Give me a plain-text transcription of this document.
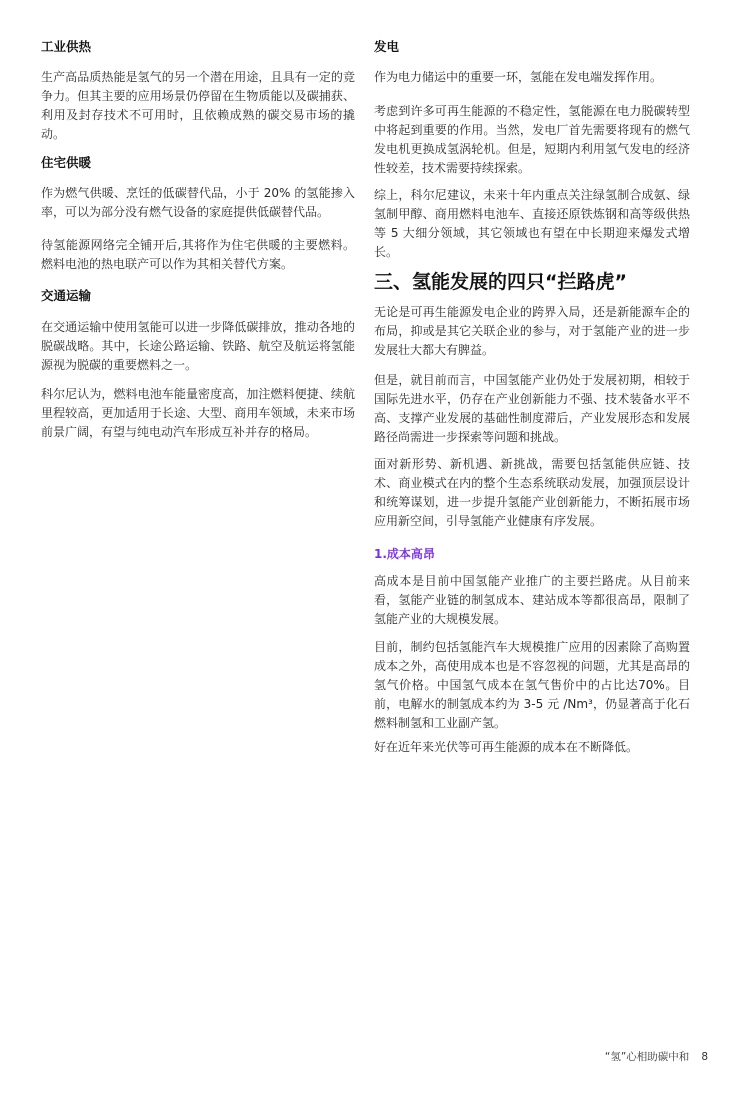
工业供热

生产高品质热能是氢气的另一个潜在用途，且具有一定的竞争力。但其主要的应用场景仍停留在生物质能以及碳捕获、利用及封存技术不可用时，且依赖成熟的碳交易市场的撬动。

住宅供暖

作为燃气供暖、烹饪的低碳替代品，小于 20% 的氢能掺入率，可以为部分没有燃气设备的家庭提供低碳替代品。

待氢能源网络完全铺开后,其将作为住宅供暖的主要燃料。燃料电池的热电联产可以作为其相关替代方案。

交通运输

在交通运输中使用氢能可以进一步降低碳排放，推动各地的脱碳战略。其中，长途公路运输、铁路、航空及航运将氢能源视为脱碳的重要燃料之一。

科尔尼认为，燃料电池车能量密度高，加注燃料便捷、续航里程较高，更加适用于长途、大型、商用车领域，未来市场前景广阔，有望与纯电动汽车形成互补并存的格局。

发电

作为电力储运中的重要一环，氢能在发电端发挥作用。

考虑到许多可再生能源的不稳定性，氢能源在电力脱碳转型中将起到重要的作用。当然，发电厂首先需要将现有的燃气发电机更换成氢涡轮机。但是，短期内利用氢气发电的经济性较差，技术需要持续探索。

综上，科尔尼建议，未来十年内重点关注绿氢制合成氨、绿氢制甲醇、商用燃料电池车、直接还原铁炼钢和高等级供热等 5 大细分领域，其它领域也有望在中长期迎来爆发式增长。

三、氢能发展的四只“拦路虎”

无论是可再生能源发电企业的跨界入局，还是新能源车企的布局，抑或是其它关联企业的参与，对于氢能产业的进一步发展壮大都大有脾益。

但是，就目前而言，中国氢能产业仍处于发展初期，相较于国际先进水平，仍存在产业创新能力不强、技术装备水平不高、支撑产业发展的基础性制度滞后，产业发展形态和发展路径尚需进一步探索等问题和挑战。

面对新形势、新机遇、新挑战，需要包括氢能供应链、技术、商业模式在内的整个生态系统联动发展，加强顶层设计和统筹谋划，进一步提升氢能产业创新能力，不断拓展市场应用新空间，引导氢能产业健康有序发展。

1.成本高昂

高成本是目前中国氢能产业推广的主要拦路虎。从目前来看，氢能产业链的制氢成本、建站成本等都很高昂，限制了氢能产业的大规模发展。

目前，制约包括氢能汽车大规模推广应用的因素除了高购置成本之外，高使用成本也是不容忽视的问题，尤其是高昂的氢气价格。中国氢气成本在氢气售价中的占比达70%。目前，电解水的制氢成本约为 3-5 元 /Nm³，仍显著高于化石燃料制氢和工业副产氢。

好在近年来光伏等可再生能源的成本在不断降低。

“氢”心相助碳中和 8
